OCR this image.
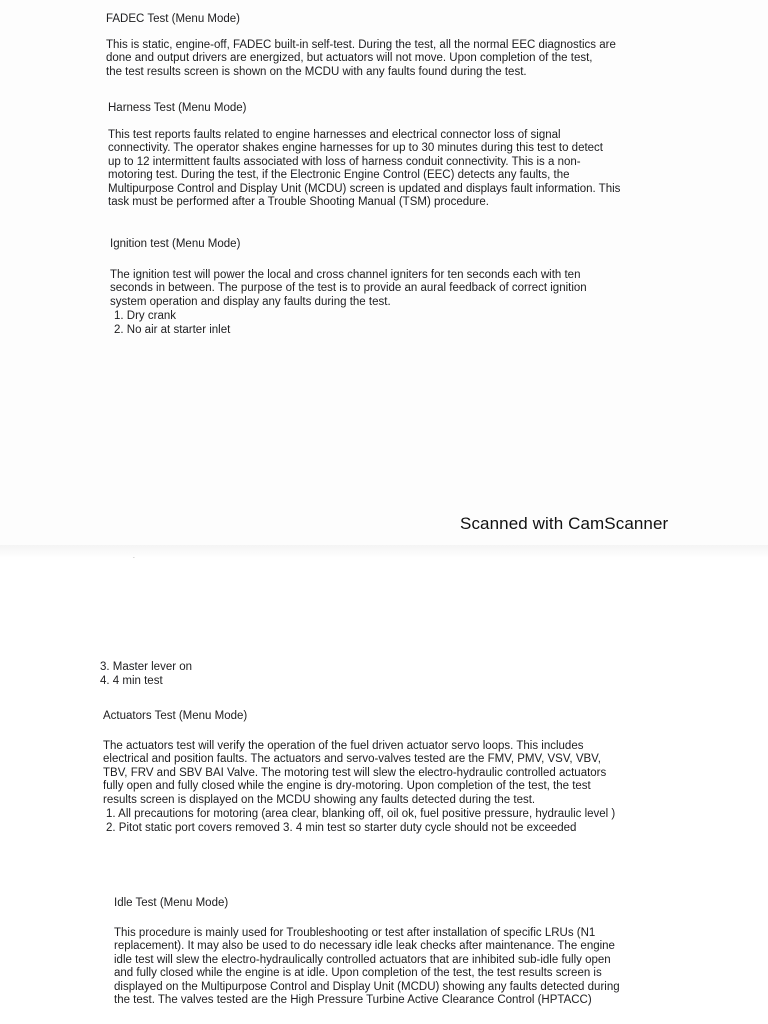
FADEC Test (Menu Mode)

This is static, engine-off, FADEC built-in self-test. During the test, all the normal EEC diagnostics are
done and output drivers are energized, but actuators will not move. Upon completion of the test,
the test results screen is shown on the MCDU with any faults found during the test.

Harness Test (Menu Mode)

This test reports faults related to engine harnesses and electrical connector loss of signal
connectivity. The operator shakes engine harnesses for up to 30 minutes during this test to detect
up to 12 intermittent faults associated with loss of harness conduit connectivity. This is a non-
motoring test. During the test, if the Electronic Engine Control (EEC) detects any faults, the
Multipurpose Control and Display Unit (MCDU) screen is updated and displays fault information. This
task must be performed after a Trouble Shooting Manual (TSM) procedure.

Ignition test (Menu Mode)

The ignition test will power the local and cross channel igniters for ten seconds each with ten
seconds in between. The purpose of the test is to provide an aural feedback of correct ignition
system operation and display any faults during the test.

1. Dry crank
2. No air at starter inlet
Scanned with CamScanner
3. Master lever on
4. 4 min test
Actuators Test (Menu Mode)

The actuators test will verify the operation of the fuel driven actuator servo loops. This includes
electrical and position faults. The actuators and servo-valves tested are the FMV, PMV, VSV, VBV,
TBV, FRV and SBV BAI Valve. The motoring test will slew the electro-hydraulic controlled actuators
fully open and fully closed while the engine is dry-motoring. Upon completion of the test, the test
results screen is displayed on the MCDU showing any faults detected during the test.

1. All precautions for motoring (area clear, blanking off, oil ok, fuel positive pressure, hydraulic level )
2. Pitot static port covers removed 3. 4 min test so starter duty cycle should not be exceeded
Idle Test (Menu Mode)

This procedure is mainly used for Troubleshooting or test after installation of specific LRUs (N1
replacement). It may also be used to do necessary idle leak checks after maintenance. The engine
idle test will slew the electro-hydraulically controlled actuators that are inhibited sub-idle fully open
and fully closed while the engine is at idle. Upon completion of the test, the test results screen is
displayed on the Multipurpose Control and Display Unit (MCDU) showing any faults detected during
the test. The valves tested are the High Pressure Turbine Active Clearance Control (HPTACC)
